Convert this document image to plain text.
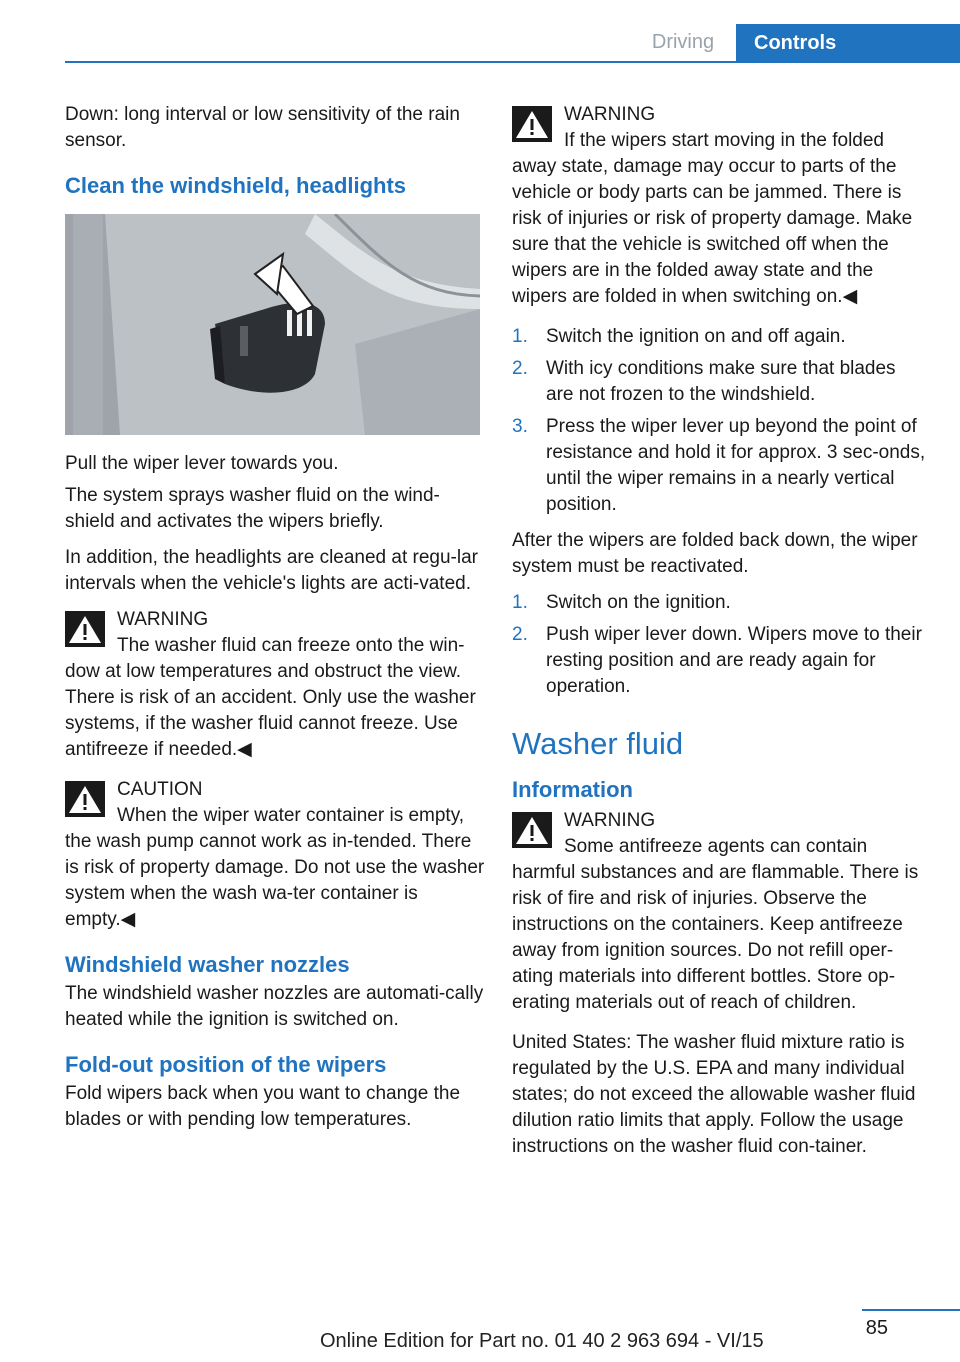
Driving	Controls

Down: long interval or low sensitivity of the rain sensor.

Clean the windshield, headlights

Pull the wiper lever towards you.

The system sprays washer fluid on the wind‐shield and activates the wipers briefly.

In addition, the headlights are cleaned at regu‐lar intervals when the vehicle's lights are acti‐vated.

WARNING
The washer fluid can freeze onto the win‐dow at low temperatures and obstruct the view. There is risk of an accident. Only use the washer systems, if the washer fluid cannot freeze. Use antifreeze if needed.◀
CAUTION
When the wiper water container is empty, the wash pump cannot work as in‐tended. There is risk of property damage. Do not use the washer system when the wash wa‐ter container is empty.◀
Windshield washer nozzles

The windshield washer nozzles are automati‐cally heated while the ignition is switched on.

Fold-out position of the wipers

Fold wipers back when you want to change the blades or with pending low temperatures.

WARNING
If the wipers start moving in the folded away state, damage may occur to parts of the vehicle or body parts can be jammed. There is risk of injuries or risk of property damage. Make sure that the vehicle is switched off when the wipers are in the folded away state and the wipers are folded in when switching on.◀
1. Switch the ignition on and off again.
2. With icy conditions make sure that blades are not frozen to the windshield.
3. Press the wiper lever up beyond the point of resistance and hold it for approx. 3 sec‐onds, until the wiper remains in a nearly vertical position.

After the wipers are folded back down, the wiper system must be reactivated.

1. Switch on the ignition.
2. Push wiper lever down. Wipers move to their resting position and are ready again for operation.
Washer fluid
Information
WARNING
Some antifreeze agents can contain harmful substances and are flammable. There is risk of fire and risk of injuries. Observe the instructions on the containers. Keep antifreeze away from ignition sources. Do not refill oper‐ating materials into different bottles. Store op‐erating materials out of reach of children.

United States: The washer fluid mixture ratio is regulated by the U.S. EPA and many individual states; do not exceed the allowable washer fluid dilution ratio limits that apply. Follow the usage instructions on the washer fluid con‐tainer.

85
Online Edition for Part no. 01 40 2 963 694 - VI/15
